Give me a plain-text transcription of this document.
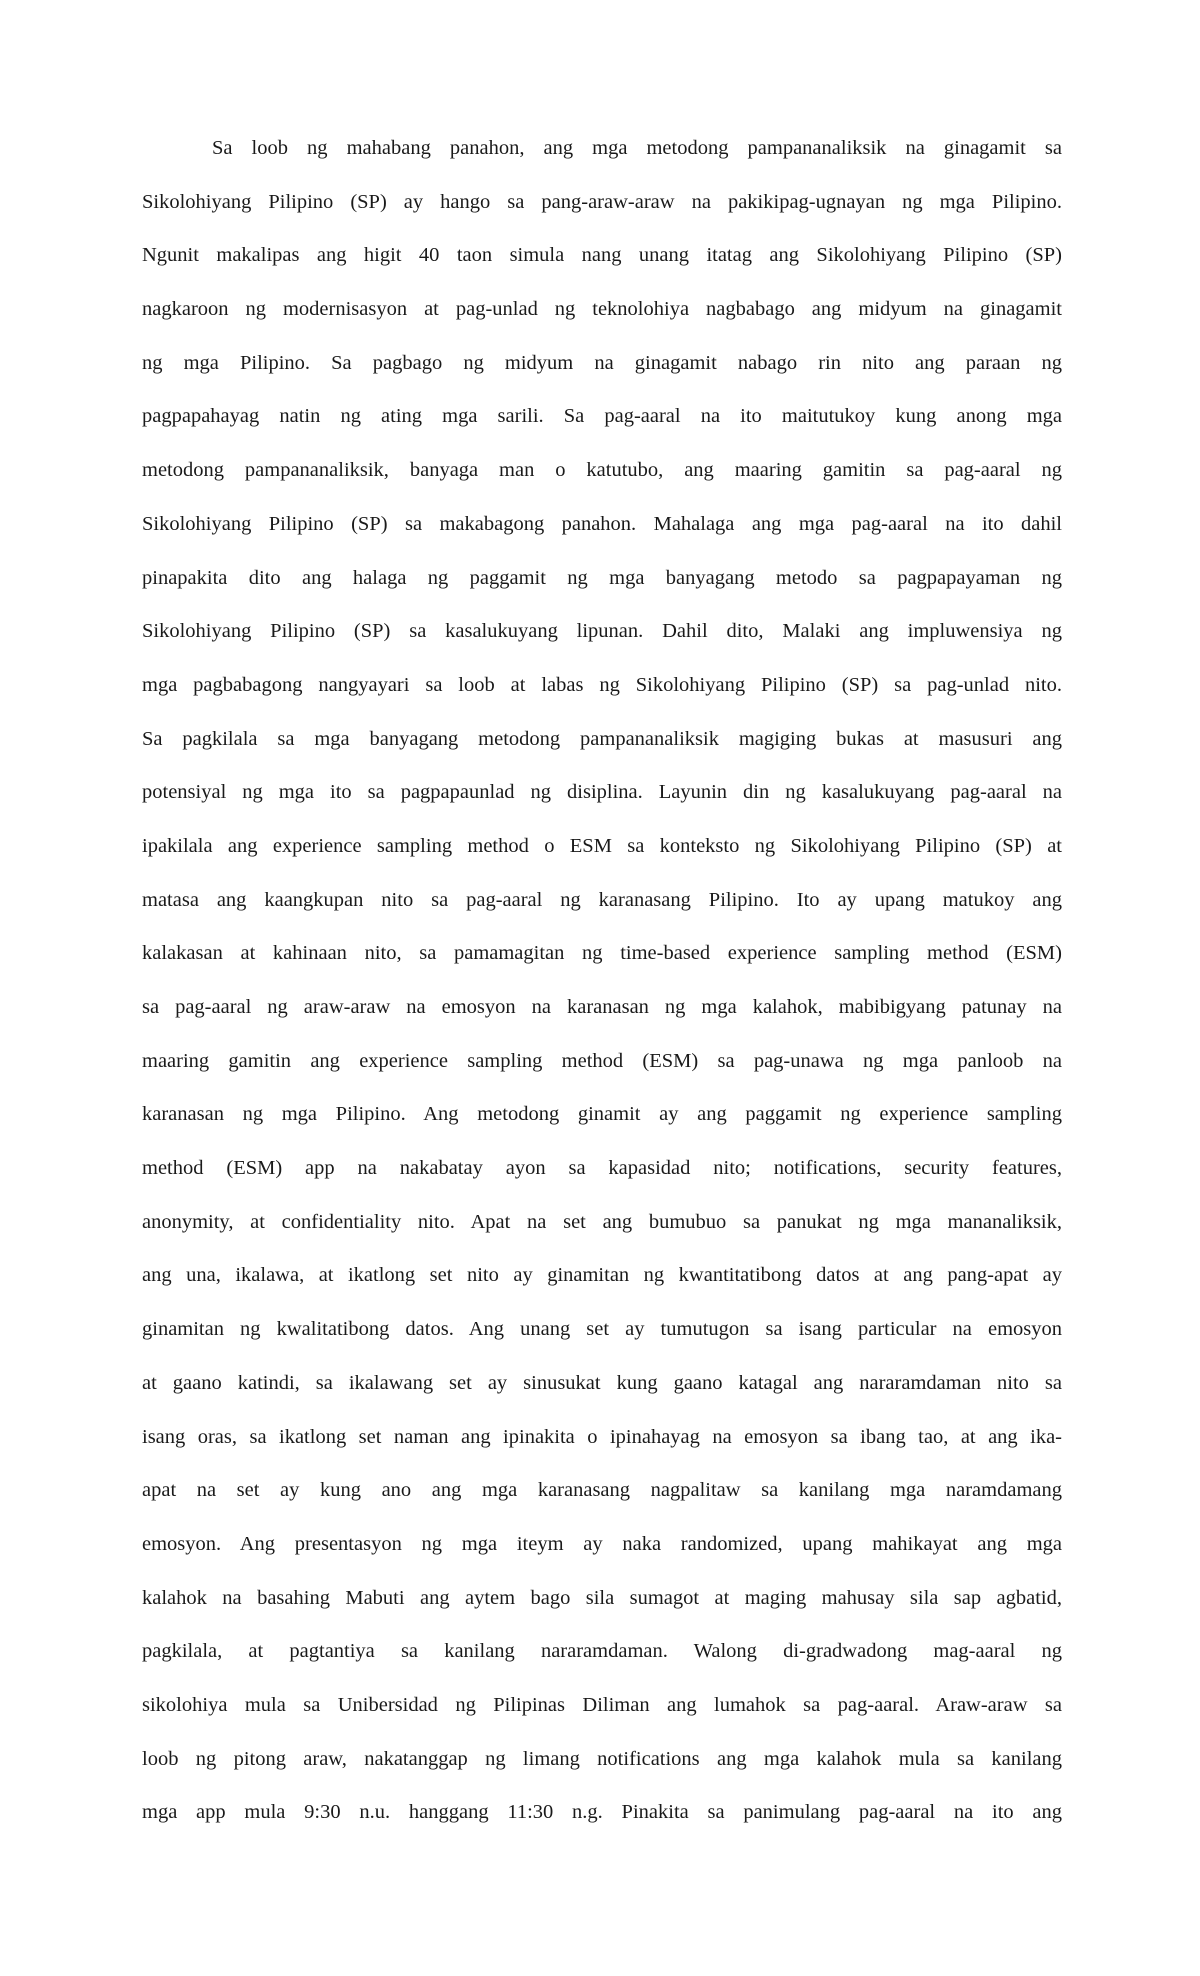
Sa loob ng mahabang panahon, ang mga metodong pampananaliksik na ginagamit sa
Sikolohiyang Pilipino (SP) ay hango sa pang-araw-araw na pakikipag-ugnayan ng mga Pilipino.
Ngunit makalipas ang higit 40 taon simula nang unang itatag ang Sikolohiyang Pilipino (SP)
nagkaroon ng modernisasyon at pag-unlad ng teknolohiya nagbabago ang midyum na ginagamit
ng mga Pilipino. Sa pagbago ng midyum na ginagamit nabago rin nito ang paraan ng
pagpapahayag natin ng ating mga sarili. Sa pag-aaral na ito maitutukoy kung anong mga
metodong pampananaliksik, banyaga man o katutubo, ang maaring gamitin sa pag-aaral ng
Sikolohiyang Pilipino (SP) sa makabagong panahon. Mahalaga ang mga pag-aaral na ito dahil
pinapakita dito ang halaga ng paggamit ng mga banyagang metodo sa pagpapayaman ng
Sikolohiyang Pilipino (SP) sa kasalukuyang lipunan. Dahil dito, Malaki ang impluwensiya ng
mga pagbabagong nangyayari sa loob at labas ng Sikolohiyang Pilipino (SP) sa pag-unlad nito.
Sa pagkilala sa mga banyagang metodong pampananaliksik magiging bukas at masusuri ang
potensiyal ng mga ito sa pagpapaunlad ng disiplina. Layunin din ng kasalukuyang pag-aaral na
ipakilala ang experience sampling method o ESM sa konteksto ng Sikolohiyang Pilipino (SP) at
matasa ang kaangkupan nito sa pag-aaral ng karanasang Pilipino. Ito ay upang matukoy ang
kalakasan at kahinaan nito, sa pamamagitan ng time-based experience sampling method (ESM)
sa pag-aaral ng araw-araw na emosyon na karanasan ng mga kalahok, mabibigyang patunay na
maaring gamitin ang experience sampling method (ESM) sa pag-unawa ng mga panloob na
karanasan ng mga Pilipino. Ang metodong ginamit ay ang paggamit ng experience sampling
method (ESM) app na nakabatay ayon sa kapasidad nito; notifications, security features,
anonymity, at confidentiality nito. Apat na set ang bumubuo sa panukat ng mga mananaliksik,
ang una, ikalawa, at ikatlong set nito ay ginamitan ng kwantitatibong datos at ang pang-apat ay
ginamitan ng kwalitatibong datos. Ang unang set ay tumutugon sa isang particular na emosyon
at gaano katindi, sa ikalawang set ay sinusukat kung gaano katagal ang nararamdaman nito sa
isang oras, sa ikatlong set naman ang ipinakita o ipinahayag na emosyon sa ibang tao, at ang ika-
apat na set ay kung ano ang mga karanasang nagpalitaw sa kanilang mga naramdamang
emosyon. Ang presentasyon ng mga iteym ay naka randomized, upang mahikayat ang mga
kalahok na basahing Mabuti ang aytem bago sila sumagot at maging mahusay sila sap agbatid,
pagkilala, at pagtantiya sa kanilang nararamdaman. Walong di-gradwadong mag-aaral ng
sikolohiya mula sa Unibersidad ng Pilipinas Diliman ang lumahok sa pag-aaral. Araw-araw sa
loob ng pitong araw, nakatanggap ng limang notifications ang mga kalahok mula sa kanilang
mga app mula 9:30 n.u. hanggang 11:30 n.g. Pinakita sa panimulang pag-aaral na ito ang
